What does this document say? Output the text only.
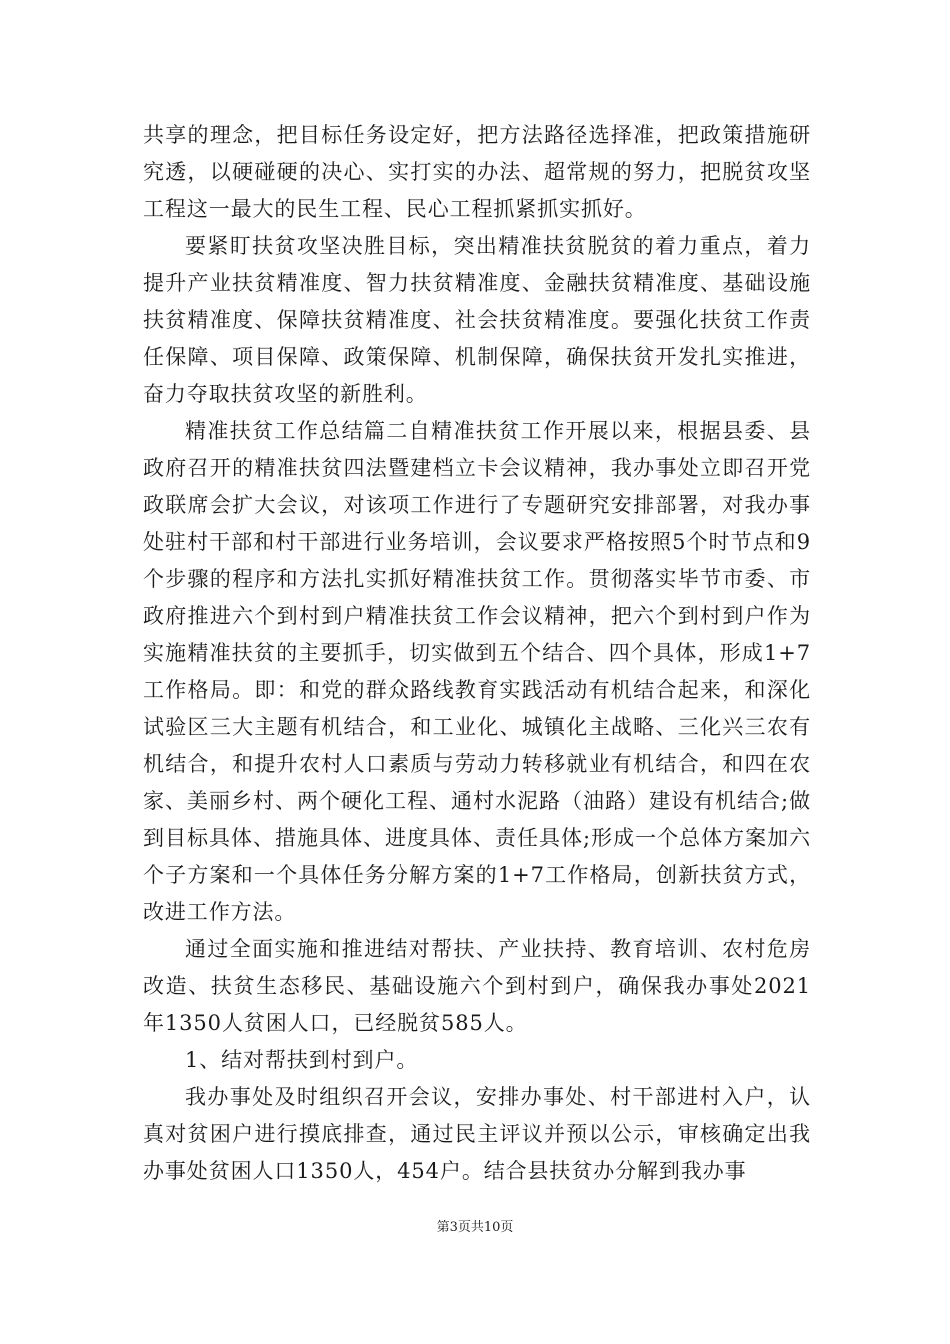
共享的理念，把目标任务设定好，把方法路径选择准，把政策措施研究透，以硬碰硬的决心、实打实的办法、超常规的努力，把脱贫攻坚工程这一最大的民生工程、民心工程抓紧抓实抓好。

要紧盯扶贫攻坚决胜目标，突出精准扶贫脱贫的着力重点，着力提升产业扶贫精准度、智力扶贫精准度、金融扶贫精准度、基础设施扶贫精准度、保障扶贫精准度、社会扶贫精准度。要强化扶贫工作责任保障、项目保障、政策保障、机制保障，确保扶贫开发扎实推进，奋力夺取扶贫攻坚的新胜利。

精准扶贫工作总结篇二自精准扶贫工作开展以来，根据县委、县政府召开的精准扶贫四法暨建档立卡会议精神，我办事处立即召开党政联席会扩大会议，对该项工作进行了专题研究安排部署，对我办事处驻村干部和村干部进行业务培训，会议要求严格按照5个时节点和9个步骤的程序和方法扎实抓好精准扶贫工作。贯彻落实毕节市委、市政府推进六个到村到户精准扶贫工作会议精神，把六个到村到户作为实施精准扶贫的主要抓手，切实做到五个结合、四个具体，形成1+7工作格局。即：和党的群众路线教育实践活动有机结合起来，和深化试验区三大主题有机结合，和工业化、城镇化主战略、三化兴三农有机结合，和提升农村人口素质与劳动力转移就业有机结合，和四在农家、美丽乡村、两个硬化工程、通村水泥路（油路）建设有机结合;做到目标具体、措施具体、进度具体、责任具体;形成一个总体方案加六个子方案和一个具体任务分解方案的1+7工作格局，创新扶贫方式，改进工作方法。

通过全面实施和推进结对帮扶、产业扶持、教育培训、农村危房改造、扶贫生态移民、基础设施六个到村到户，确保我办事处2021年1350人贫困人口，已经脱贫585人。

1、结对帮扶到村到户。

我办事处及时组织召开会议，安排办事处、村干部进村入户，认真对贫困户进行摸底排查，通过民主评议并预以公示，审核确定出我办事处贫困人口1350人，454户。结合县扶贫办分解到我办事

第3页共10页
